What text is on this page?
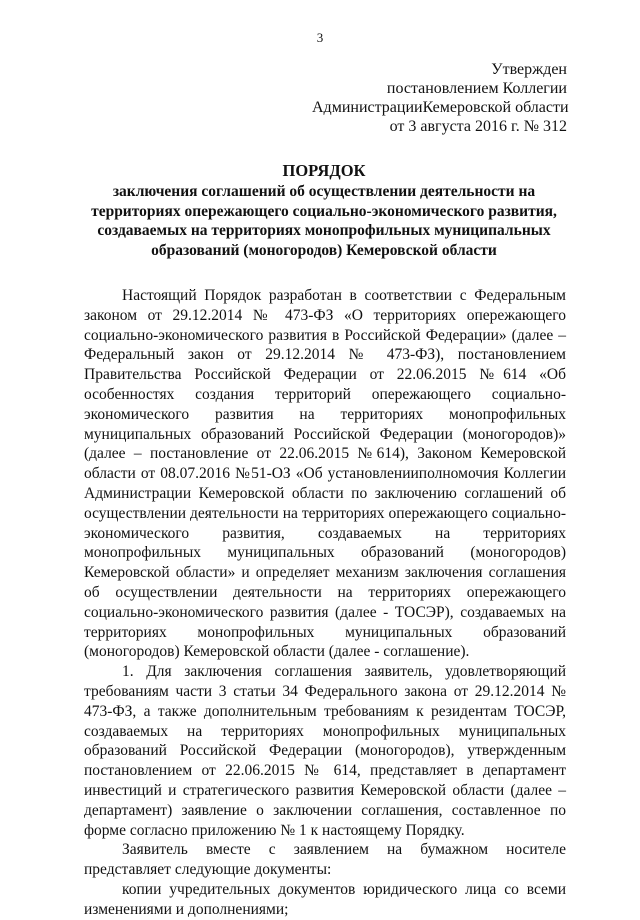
3
Утвержден
постановлением Коллегии
АдминистрацииКемеровской области
от 3 августа 2016 г. № 312
ПОРЯДОК
заключения соглашений об осуществлении деятельности на
территориях опережающего социально-экономического развития,
создаваемых на территориях монопрофильных муниципальных
образований (моногородов) Кемеровской области

Настоящий Порядок разработан в соответствии с Федеральным законом от 29.12.2014 № 473-ФЗ «О территориях опережающего социально-экономического развития в Российской Федерации» (далее – Федеральный закон от 29.12.2014 № 473-ФЗ), постановлением Правительства Российской Федерации от 22.06.2015 №614 «Об особенностях создания территорий опережающего социально-экономического развития на территориях монопрофильных муниципальных образований Российской Федерации (моногородов)» (далее – постановление от 22.06.2015 №614), Законом Кемеровской области от 08.07.2016 №51-ОЗ «Об установленииполномочия Коллегии Администрации Кемеровской области по заключению соглашений об осуществлении деятельности на территориях опережающего социально-экономического развития, создаваемых на территориях монопрофильных муниципальных образований (моногородов) Кемеровской области» и определяет механизм заключения соглашения об осуществлении деятельности на территориях опережающего социально-экономического развития (далее - ТОСЭР), создаваемых на территориях монопрофильных муниципальных образований (моногородов) Кемеровской области (далее - соглашение).

1. Для заключения соглашения заявитель, удовлетворяющий требованиям части 3 статьи 34 Федерального закона от 29.12.2014 № 473-ФЗ, а также дополнительным требованиям к резидентам ТОСЭР, создаваемых на территориях монопрофильных муниципальных образований Российской Федерации (моногородов), утвержденным постановлением от 22.06.2015 № 614, представляет в департамент инвестиций и стратегического развития Кемеровской области (далее – департамент) заявление о заключении соглашения, составленное по форме согласно приложению № 1 к настоящему Порядку.

Заявитель вместе с заявлением на бумажном носителе представляет следующие документы:

копии учредительных документов юридического лица со всеми изменениями и дополнениями;
